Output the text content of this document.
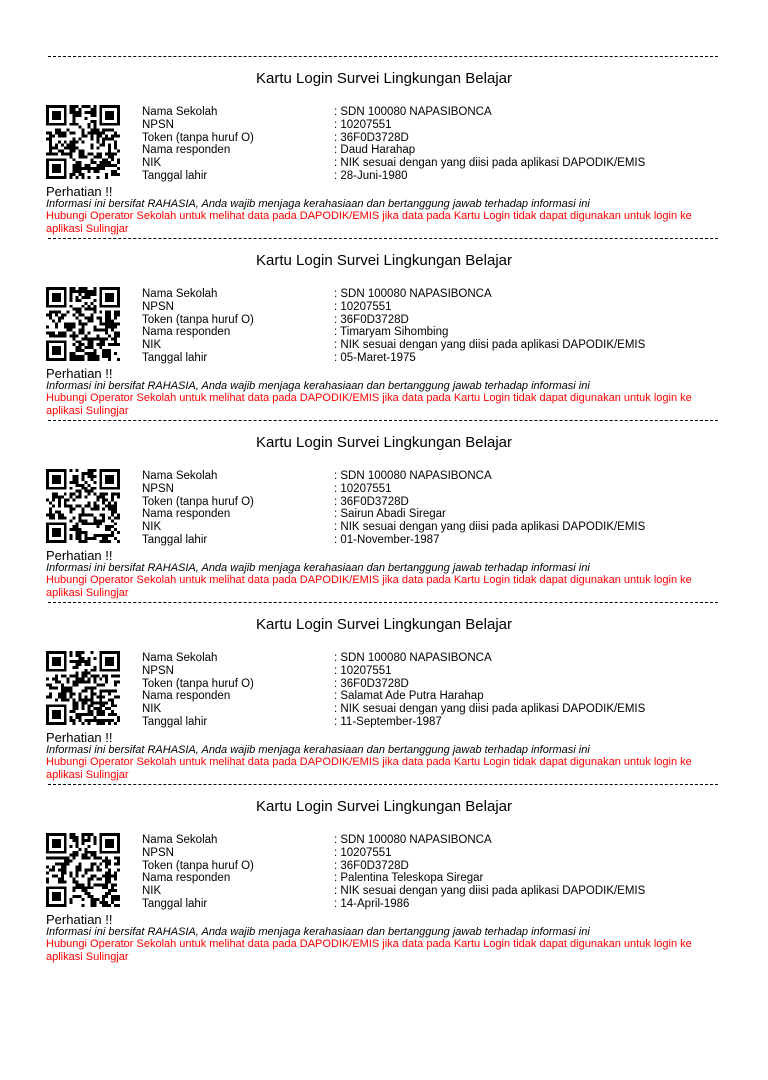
Kartu Login Survei Lingkungan Belajar
Nama Sekolah	: SDN 100080 NAPASIBONCA
NPSN	: 10207551
Token (tanpa huruf O)	: 36F0D3728D
Nama responden	: Daud Harahap
NIK	: NIK sesuai dengan yang diisi pada aplikasi DAPODIK/EMIS
Tanggal lahir	: 28-Juni-1980
Perhatian !!
Informasi ini bersifat RAHASIA, Anda wajib menjaga kerahasiaan dan bertanggung jawab terhadap informasi ini
Hubungi Operator Sekolah untuk melihat data pada DAPODIK/EMIS jika data pada Kartu Login tidak dapat digunakan untuk login ke aplikasi Sulingjar
Kartu Login Survei Lingkungan Belajar
Nama Sekolah	: SDN 100080 NAPASIBONCA
NPSN	: 10207551
Token (tanpa huruf O)	: 36F0D3728D
Nama responden	: Timaryam Sihombing
NIK	: NIK sesuai dengan yang diisi pada aplikasi DAPODIK/EMIS
Tanggal lahir	: 05-Maret-1975
Perhatian !!
Informasi ini bersifat RAHASIA, Anda wajib menjaga kerahasiaan dan bertanggung jawab terhadap informasi ini
Hubungi Operator Sekolah untuk melihat data pada DAPODIK/EMIS jika data pada Kartu Login tidak dapat digunakan untuk login ke aplikasi Sulingjar
Kartu Login Survei Lingkungan Belajar
Nama Sekolah	: SDN 100080 NAPASIBONCA
NPSN	: 10207551
Token (tanpa huruf O)	: 36F0D3728D
Nama responden	: Sairun Abadi Siregar
NIK	: NIK sesuai dengan yang diisi pada aplikasi DAPODIK/EMIS
Tanggal lahir	: 01-November-1987
Perhatian !!
Informasi ini bersifat RAHASIA, Anda wajib menjaga kerahasiaan dan bertanggung jawab terhadap informasi ini
Hubungi Operator Sekolah untuk melihat data pada DAPODIK/EMIS jika data pada Kartu Login tidak dapat digunakan untuk login ke aplikasi Sulingjar
Kartu Login Survei Lingkungan Belajar
Nama Sekolah	: SDN 100080 NAPASIBONCA
NPSN	: 10207551
Token (tanpa huruf O)	: 36F0D3728D
Nama responden	: Salamat Ade Putra Harahap
NIK	: NIK sesuai dengan yang diisi pada aplikasi DAPODIK/EMIS
Tanggal lahir	: 11-September-1987
Perhatian !!
Informasi ini bersifat RAHASIA, Anda wajib menjaga kerahasiaan dan bertanggung jawab terhadap informasi ini
Hubungi Operator Sekolah untuk melihat data pada DAPODIK/EMIS jika data pada Kartu Login tidak dapat digunakan untuk login ke aplikasi Sulingjar
Kartu Login Survei Lingkungan Belajar
Nama Sekolah	: SDN 100080 NAPASIBONCA
NPSN	: 10207551
Token (tanpa huruf O)	: 36F0D3728D
Nama responden	: Palentina Teleskopa Siregar
NIK	: NIK sesuai dengan yang diisi pada aplikasi DAPODIK/EMIS
Tanggal lahir	: 14-April-1986
Perhatian !!
Informasi ini bersifat RAHASIA, Anda wajib menjaga kerahasiaan dan bertanggung jawab terhadap informasi ini
Hubungi Operator Sekolah untuk melihat data pada DAPODIK/EMIS jika data pada Kartu Login tidak dapat digunakan untuk login ke aplikasi Sulingjar
